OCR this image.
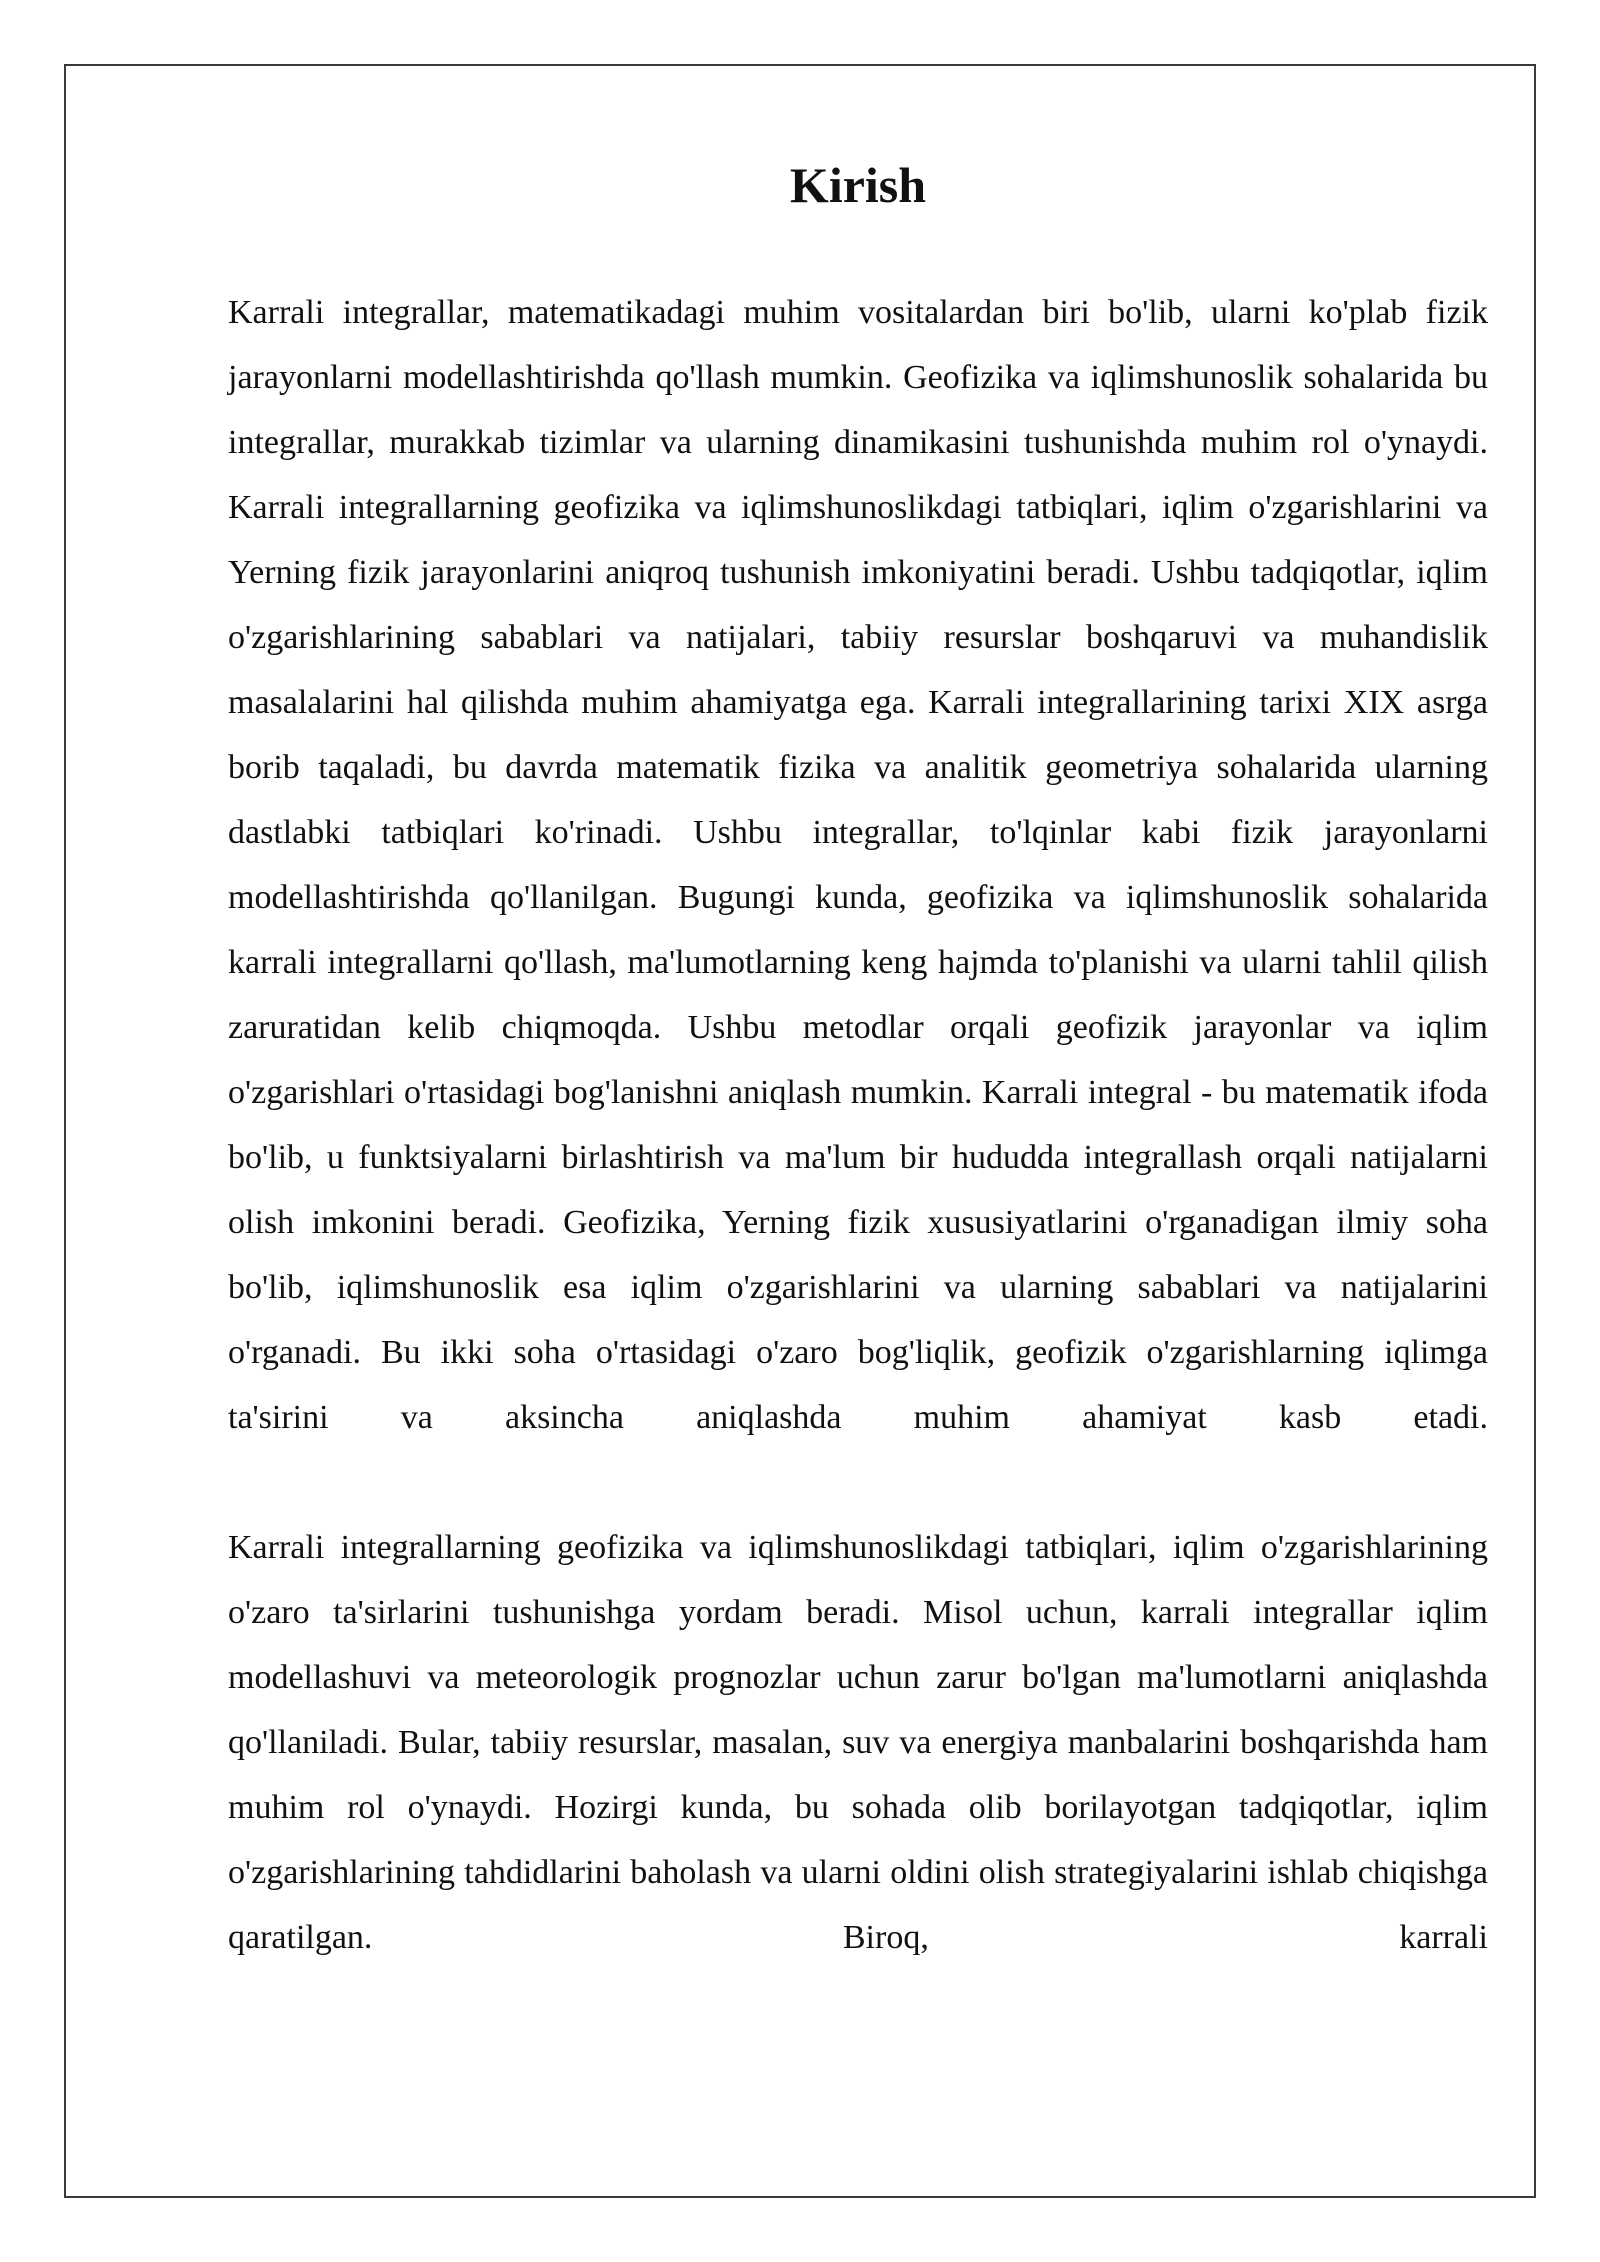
Kirish

Karrali integrallar, matematikadagi muhim vositalardan biri bo'lib, ularni ko'plab fizik jarayonlarni modellashtirishda qo'llash mumkin. Geofizika va iqlimshunoslik sohalarida bu integrallar, murakkab tizimlar va ularning dinamikasini tushunishda muhim rol o'ynaydi. Karrali integrallarning geofizika va iqlimshunoslikdagi tatbiqlari, iqlim o'zgarishlarini va Yerning fizik jarayonlarini aniqroq tushunish imkoniyatini beradi. Ushbu tadqiqotlar, iqlim o'zgarishlarining sabablari va natijalari, tabiiy resurslar boshqaruvi va muhandislik masalalarini hal qilishda muhim ahamiyatga ega. Karrali integrallarining tarixi XIX asrga borib taqaladi, bu davrda matematik fizika va analitik geometriya sohalarida ularning dastlabki tatbiqlari ko'rinadi. Ushbu integrallar, to'lqinlar kabi fizik jarayonlarni modellashtirishda qo'llanilgan. Bugungi kunda, geofizika va iqlimshunoslik sohalarida karrali integrallarni qo'llash, ma'lumotlarning keng hajmda to'planishi va ularni tahlil qilish zaruratidan kelib chiqmoqda. Ushbu metodlar orqali geofizik jarayonlar va iqlim o'zgarishlari o'rtasidagi bog'lanishni aniqlash mumkin. Karrali integral - bu matematik ifoda bo'lib, u funktsiyalarni birlashtirish va ma'lum bir hududda integrallash orqali natijalarni olish imkonini beradi. Geofizika, Yerning fizik xususiyatlarini o'rganadigan ilmiy soha bo'lib, iqlimshunoslik esa iqlim o'zgarishlarini va ularning sabablari va natijalarini o'rganadi. Bu ikki soha o'rtasidagi o'zaro bog'liqlik, geofizik o'zgarishlarning iqlimga ta'sirini va aksincha aniqlashda muhim ahamiyat kasb etadi.

Karrali integrallarning geofizika va iqlimshunoslikdagi tatbiqlari, iqlim o'zgarishlarining o'zaro ta'sirlarini tushunishga yordam beradi. Misol uchun, karrali integrallar iqlim modellashuvi va meteorologik prognozlar uchun zarur bo'lgan ma'lumotlarni aniqlashda qo'llaniladi. Bular, tabiiy resurslar, masalan, suv va energiya manbalarini boshqarishda ham muhim rol o'ynaydi. Hozirgi kunda, bu sohada olib borilayotgan tadqiqotlar, iqlim o'zgarishlarining tahdidlarini baholash va ularni oldini olish strategiyalarini ishlab chiqishga qaratilgan. Biroq, karrali
